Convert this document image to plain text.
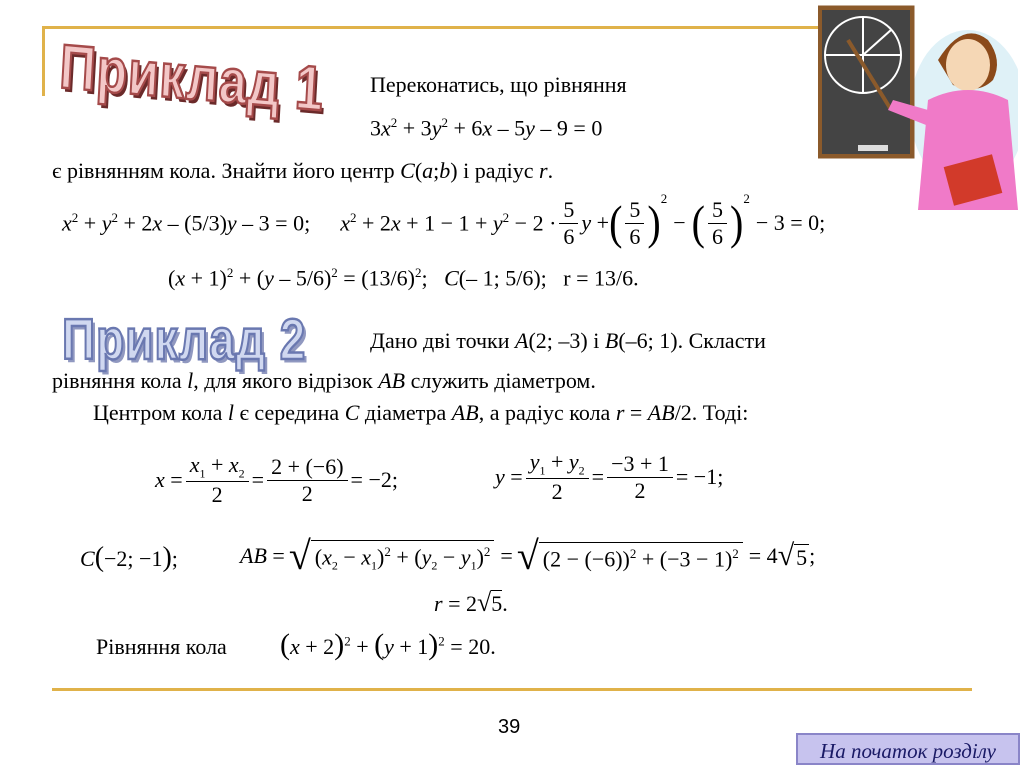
Приклад 1 Переконатись, що рівняння
$3x^2 + 3y^2 + 6x - 5y - 9 = 0$
є рівнянням кола. Знайти його центр C(a;b) і радіус r.
$x^2 + y^2 + 2x - (5/3)y - 3 = 0$; $x^2 + 2x + 1 - 1 + y^2 - 2 \cdot \frac{5}{6}$ y + ( $\frac{5}{6} )^2$
− ( $\frac{5}{6} )^2$
− 3 = 0;
$(x + 1)^2 + (y - 5/6)^2 = (13/6)^2$;   C(– 1; 5/6);   r = 13/6.
Приклад 2	Дано дві точки A(2; –3) і B(–6; 1). Скласти
рівняння кола l, для якого відрізок AB служить діаметром.
Центром кола l є середина C діаметра AB, а радіус кола r = AB/2. Тоді:
$x = \frac{x_1 + x_2}{2} = \frac{2 + (-6)}{2} = -2$;	$y = \frac{y_1 + y_2}{2} = \frac{-3 + 1}{2} = -1$;
C(−2; −1);	AB = √ $(x_2 - x_1)^2 + (y_2 - y_1)^2$ = √ $(2 - (-6))^2 + (-3 - 1)^2 = 4$ √ 5 ;
r = 2√5.
Рівняння кола $(x + 2)^2 + (y + 1)^2 = 20$.
39
На початок розділу
